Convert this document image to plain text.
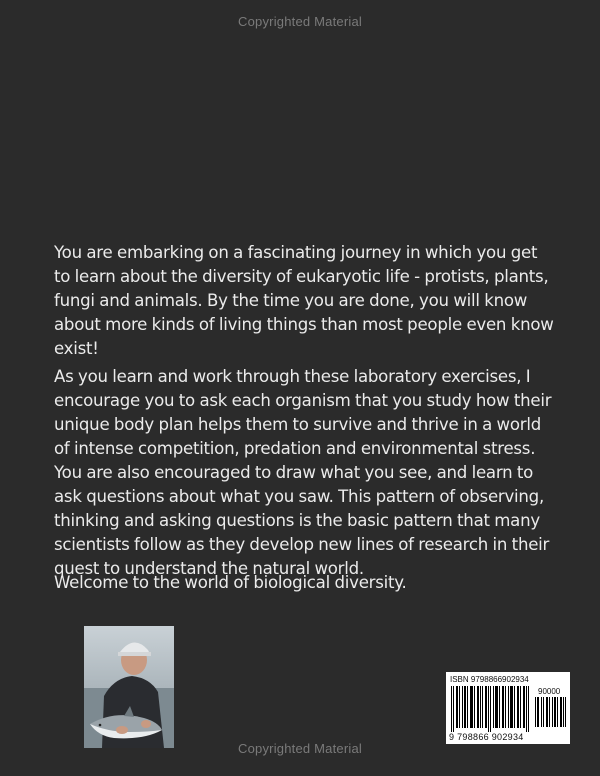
Copyrighted Material
You are embarking on a fascinating journey in which you get to learn about the diversity of eukaryotic life - protists, plants, fungi and animals. By the time you are done, you will know about more kinds of living things than most people even know exist!
As you learn and work through these laboratory exercises, I encourage you to ask each organism that you study how their unique body plan helps them to survive and thrive in a world of intense competition, predation and environmental stress. You are also encouraged to draw what you see, and learn to ask questions about what you saw. This pattern of observing, thinking and asking questions is the basic pattern that many scientists follow as they develop new lines of research in their quest to understand the natural world.
Welcome to the world of biological diversity.
ISBN 9798866902934
90000
9 798866 902934
Copyrighted Material
